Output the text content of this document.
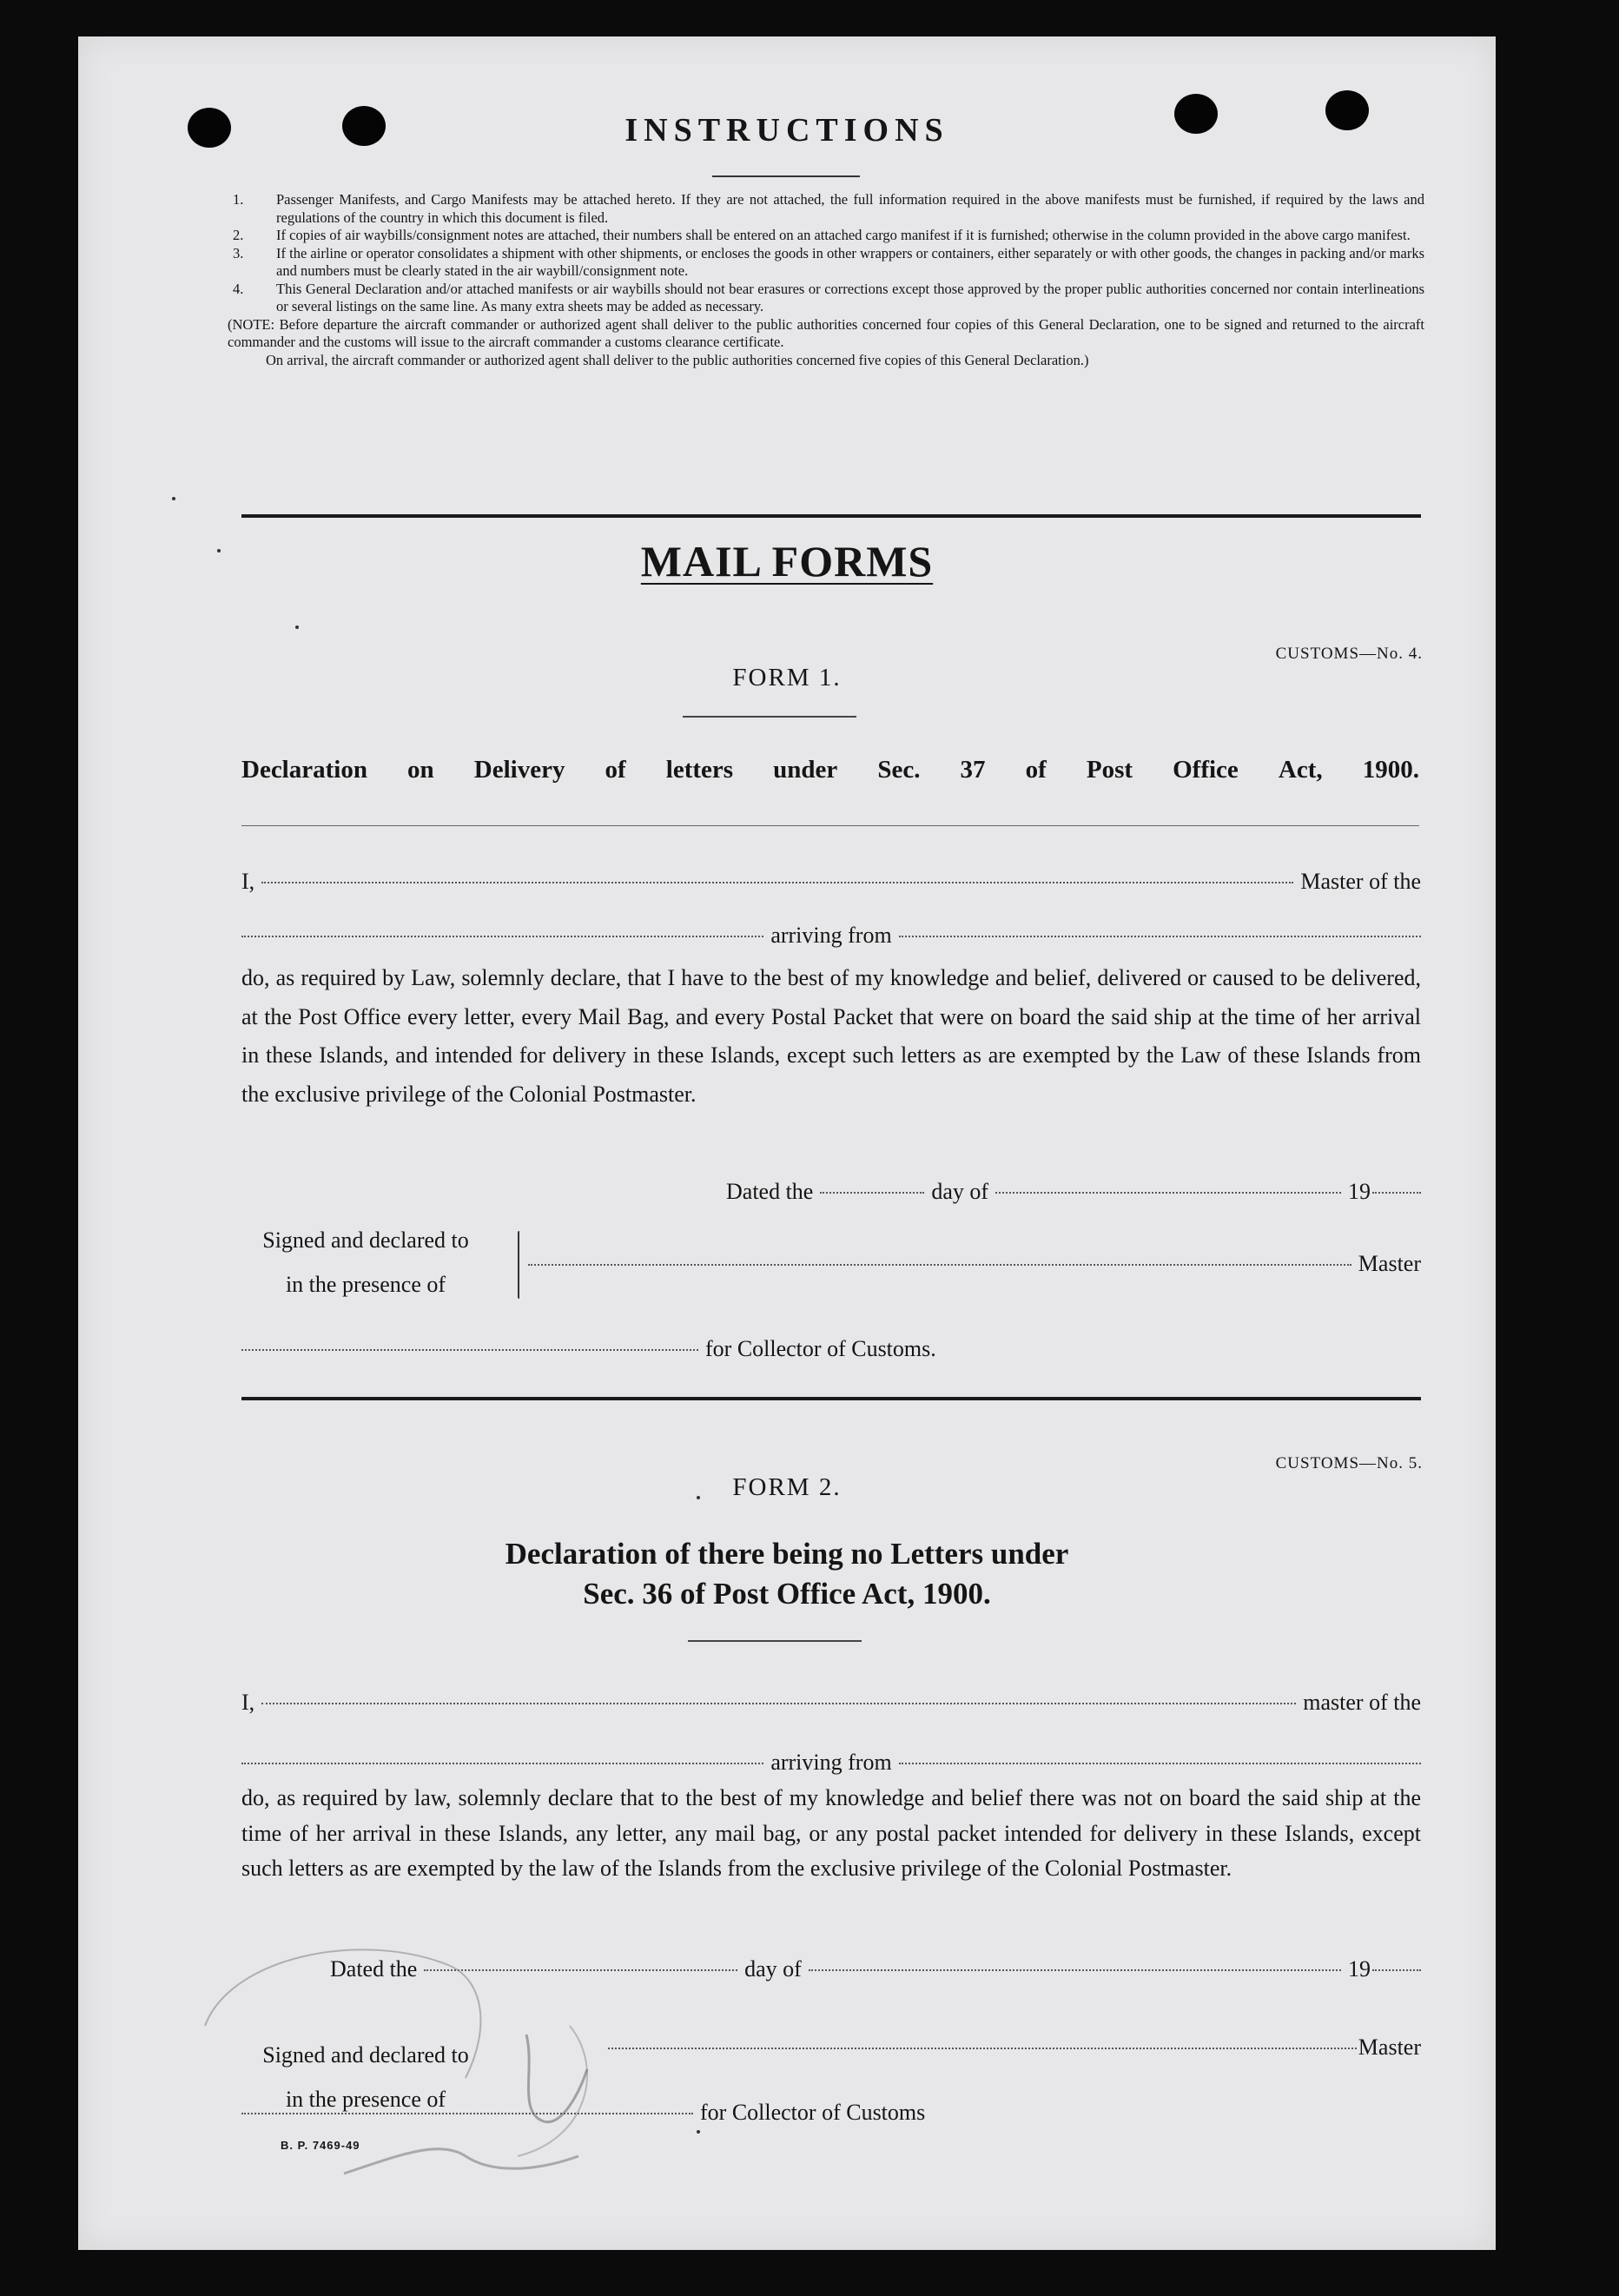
INSTRUCTIONS
1. Passenger Manifests, and Cargo Manifests may be attached hereto. If they are not attached, the full information required in the above manifests must be furnished, if required by the laws and regulations of the country in which this document is filed.
2. If copies of air waybills/consignment notes are attached, their numbers shall be entered on an attached cargo manifest if it is furnished; otherwise in the column provided in the above cargo manifest.
3. If the airline or operator consolidates a shipment with other shipments, or encloses the goods in other wrappers or containers, either separately or with other goods, the changes in packing and/or marks and numbers must be clearly stated in the air waybill/consignment note.
4. This General Declaration and/or attached manifests or air waybills should not bear erasures or corrections except those approved by the proper public authorities concerned nor contain interlineations or several listings on the same line. As many extra sheets may be added as necessary.
(NOTE: Before departure the aircraft commander or authorized agent shall deliver to the public authorities concerned four copies of this General Declaration, one to be signed and returned to the aircraft commander and the customs will issue to the aircraft commander a customs clearance certificate.
On arrival, the aircraft commander or authorized agent shall deliver to the public authorities concerned five copies of this General Declaration.)
MAIL FORMS
CUSTOMS—No. 4.
FORM 1.
Declaration on Delivery of letters under Sec. 37 of Post Office Act, 1900.
I,	Master of the
arriving from
do, as required by Law, solemnly declare, that I have to the best of my knowledge and belief, delivered or caused to be delivered, at the Post Office every letter, every Mail Bag, and every Postal Packet that were on board the said ship at the time of her arrival in these Islands, and intended for delivery in these Islands, except such letters as are exempted by the Law of these Islands from the exclusive privilege of the Colonial Postmaster.
Dated the	day of	19
Signed and declared to
in the presence of
Master
for Collector of Customs.
CUSTOMS—No. 5.
FORM 2.
Declaration of there being no Letters under
Sec. 36 of Post Office Act, 1900.
I,	master of the
arriving from
do, as required by law, solemnly declare that to the best of my knowledge and belief there was not on board the said ship at the time of her arrival in these Islands, any letter, any mail bag, or any postal packet intended for delivery in these Islands, except such letters as are exempted by the law of the Islands from the exclusive privilege of the Colonial Postmaster.
Dated the	day of	19
Signed and declared to
in the presence of
Master
for Collector of Customs
B. P. 7469-49
